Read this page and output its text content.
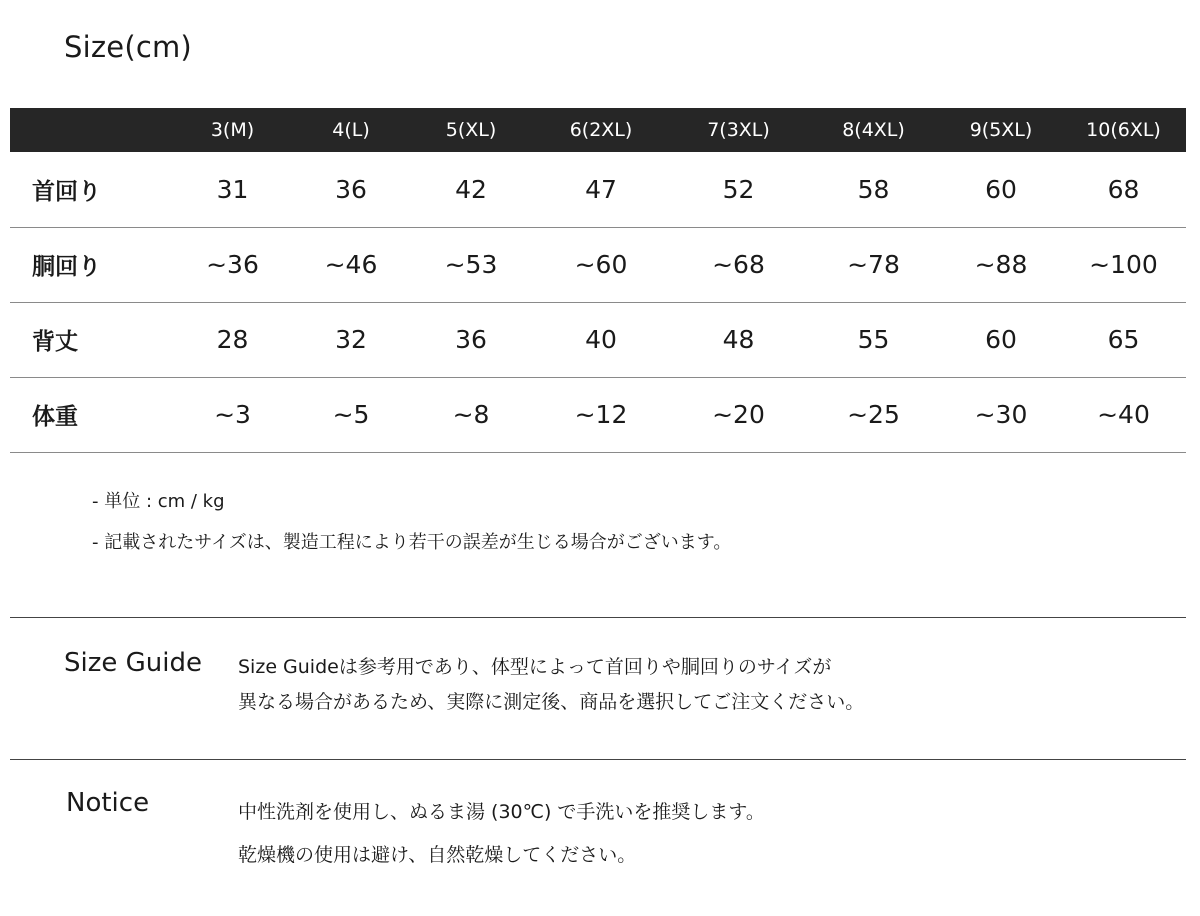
Size(cm)
	3(M)	4(L)	5(XL)	6(2XL)	7(3XL)	8(4XL)	9(5XL)	10(6XL)
首回り	31	36	42	47	52	58	60	68
胴回り	~36	~46	~53	~60	~68	~78	~88	~100
背丈	28	32	36	40	48	55	60	65
体重	~3	~5	~8	~12	~20	~25	~30	~40
- 単位 : cm / kg
- 記載されたサイズは、製造工程により若干の誤差が生じる場合がございます。
Size Guide Size Guideは参考用であり、体型によって首回りや胴回りのサイズが
異なる場合があるため、実際に測定後、商品を選択してご注文ください。
Notice	中性洗剤を使用し、ぬるま湯 (30℃) で手洗いを推奨します。
乾燥機の使用は避け、自然乾燥してください。
